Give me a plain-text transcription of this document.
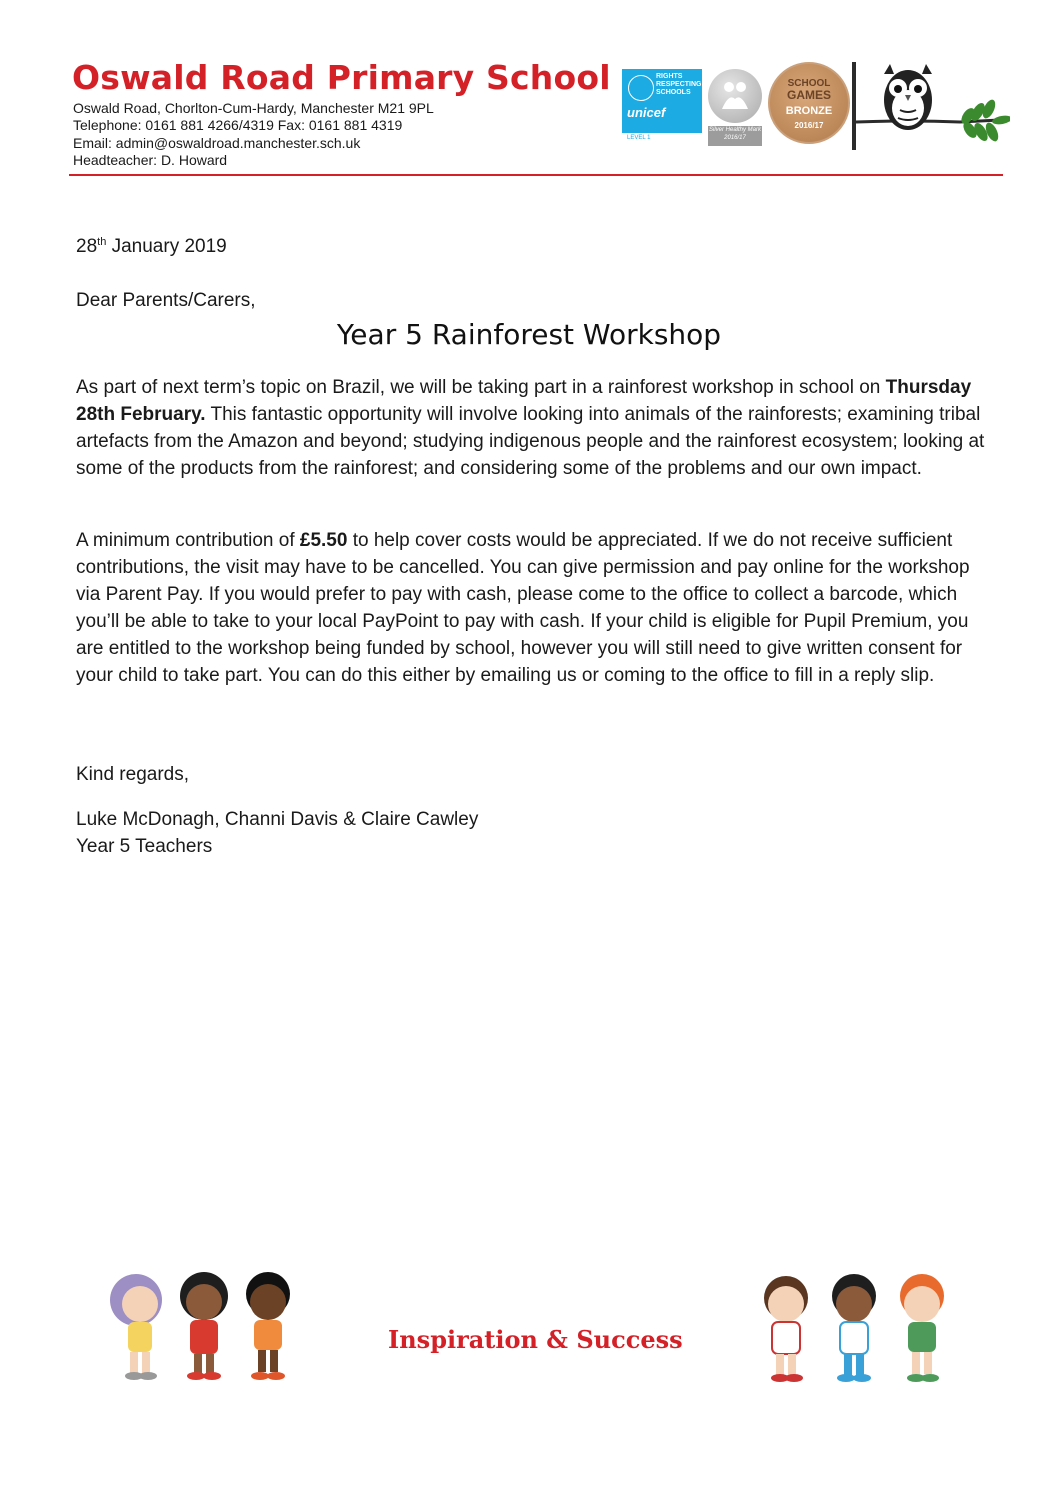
Oswald Road Primary School
Oswald Road, Chorlton-Cum-Hardy, Manchester M21 9PL
Telephone: 0161 881 4266/4319 Fax: 0161 881 4319
Email: admin@oswaldroad.manchester.sch.uk
Headteacher: D. Howard
RIGHTS RESPECTING SCHOOLS
unicef
LEVEL 1
Silver Healthy Mark 2016/17
SCHOOL
GAMES
BRONZE
2016/17
28th January 2019
Dear Parents/Carers,
Year 5 Rainforest Workshop

As part of next term’s topic on Brazil, we will be taking part in a rainforest workshop in school on Thursday 28th February. This fantastic opportunity will involve looking into animals of the rainforests; examining tribal artefacts from the Amazon and beyond; studying indigenous people and the rainforest ecosystem; looking at some of the products from the rainforest; and considering some of the problems and our own impact.

A minimum contribution of £5.50 to help cover costs would be appreciated. If we do not receive sufficient contributions, the visit may have to be cancelled. You can give permission and pay online for the workshop via Parent Pay. If you would prefer to pay with cash, please come to the office to collect a barcode, which you’ll be able to take to your local PayPoint to pay with cash. If your child is eligible for Pupil Premium, you are entitled to the workshop being funded by school, however you will still need to give written consent for your child to take part. You can do this either by emailing us or coming to the office to fill in a reply slip.

Kind regards,
Luke McDonagh, Channi Davis & Claire Cawley
Year 5 Teachers
Inspiration & Success
